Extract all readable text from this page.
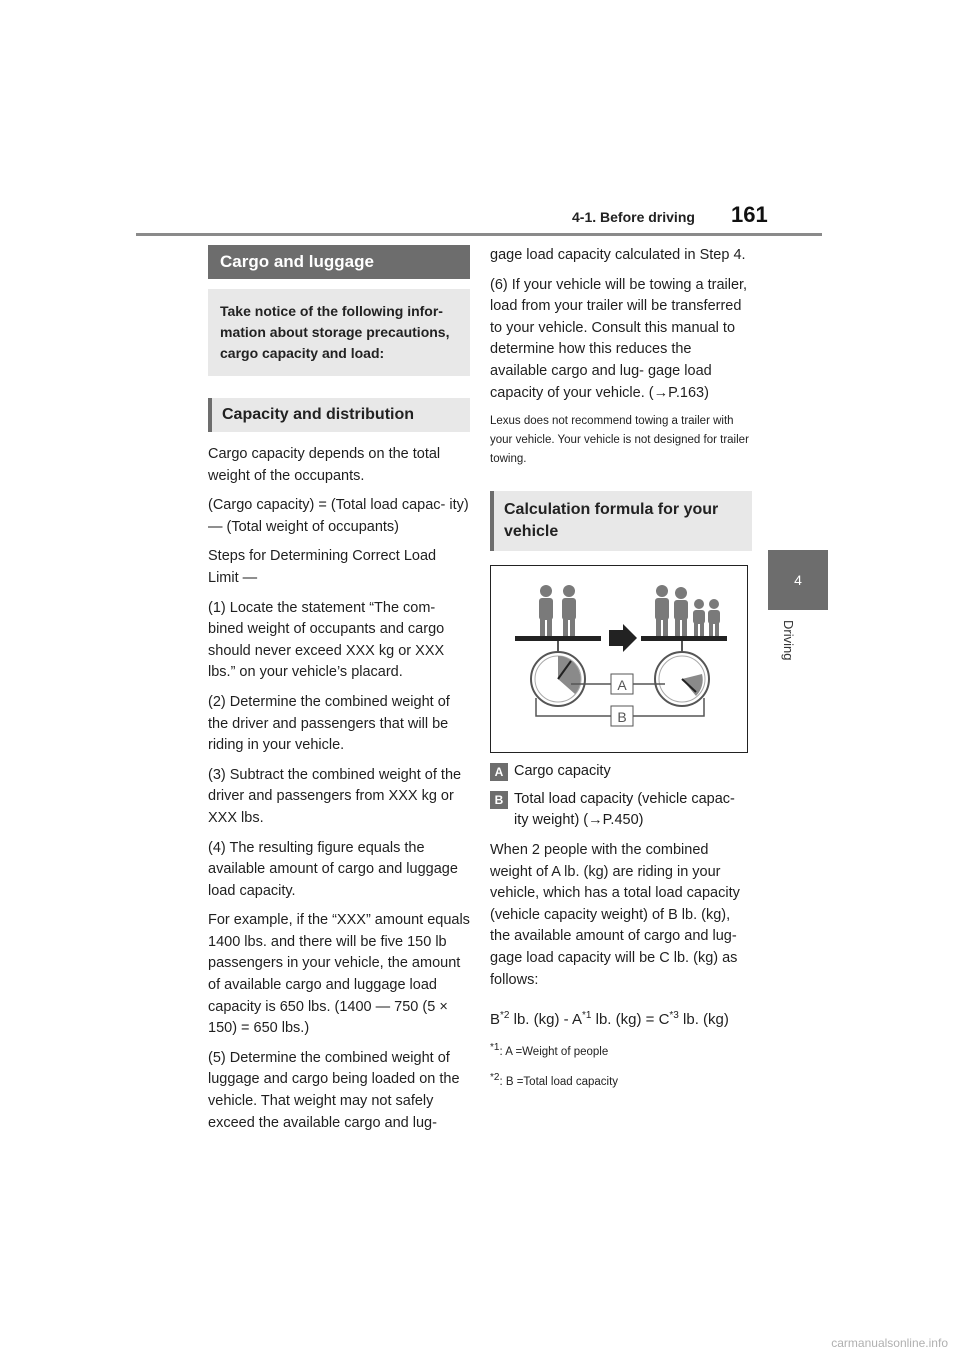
4-1. Before driving 161
4
Driving
Cargo and luggage
Take notice of the following infor- mation about storage precautions, cargo capacity and load:
Capacity and distribution

Cargo capacity depends on the total weight of the occupants.

(Cargo capacity) = (Total load capac- ity) — (Total weight of occupants)

Steps for Determining Correct Load Limit —

(1) Locate the statement “The com- bined weight of occupants and cargo should never exceed XXX kg or XXX lbs.” on your vehicle’s placard.

(2) Determine the combined weight of the driver and passengers that will be riding in your vehicle.

(3) Subtract the combined weight of the driver and passengers from XXX kg or XXX lbs.

(4) The resulting figure equals the available amount of cargo and luggage load capacity.

For example, if the “XXX” amount equals 1400 lbs. and there will be five 150 lb passengers in your vehicle, the amount of available cargo and luggage load capacity is 650 lbs. (1400 — 750 (5 × 150) = 650 lbs.)

(5) Determine the combined weight of luggage and cargo being loaded on the vehicle. That weight may not safely exceed the available cargo and lug-

gage load capacity calculated in Step 4.

(6) If your vehicle will be towing a trailer, load from your trailer will be transferred to your vehicle. Consult this manual to determine how this reduces the available cargo and lug- gage load capacity of your vehicle. (→P.163)

Lexus does not recommend towing a trailer with your vehicle. Your vehicle is not designed for trailer towing.

Calculation formula for your vehicle
A
B
A Cargo capacity
B Total load capacity (vehicle capac- ity weight) (→P.450)

When 2 people with the combined weight of A lb. (kg) are riding in your vehicle, which has a total load capacity (vehicle capacity weight) of B lb. (kg), the available amount of cargo and lug- gage load capacity will be C lb. (kg) as follows:

$B^{*2}$ lb. $(kg) - A^{*1}$ lb. $(kg) = C^{*3}$ lb. (kg)

$^{*1}$: A =Weight of people
$^{*2}$: B =Total load capacity
carmanualsonline.info
